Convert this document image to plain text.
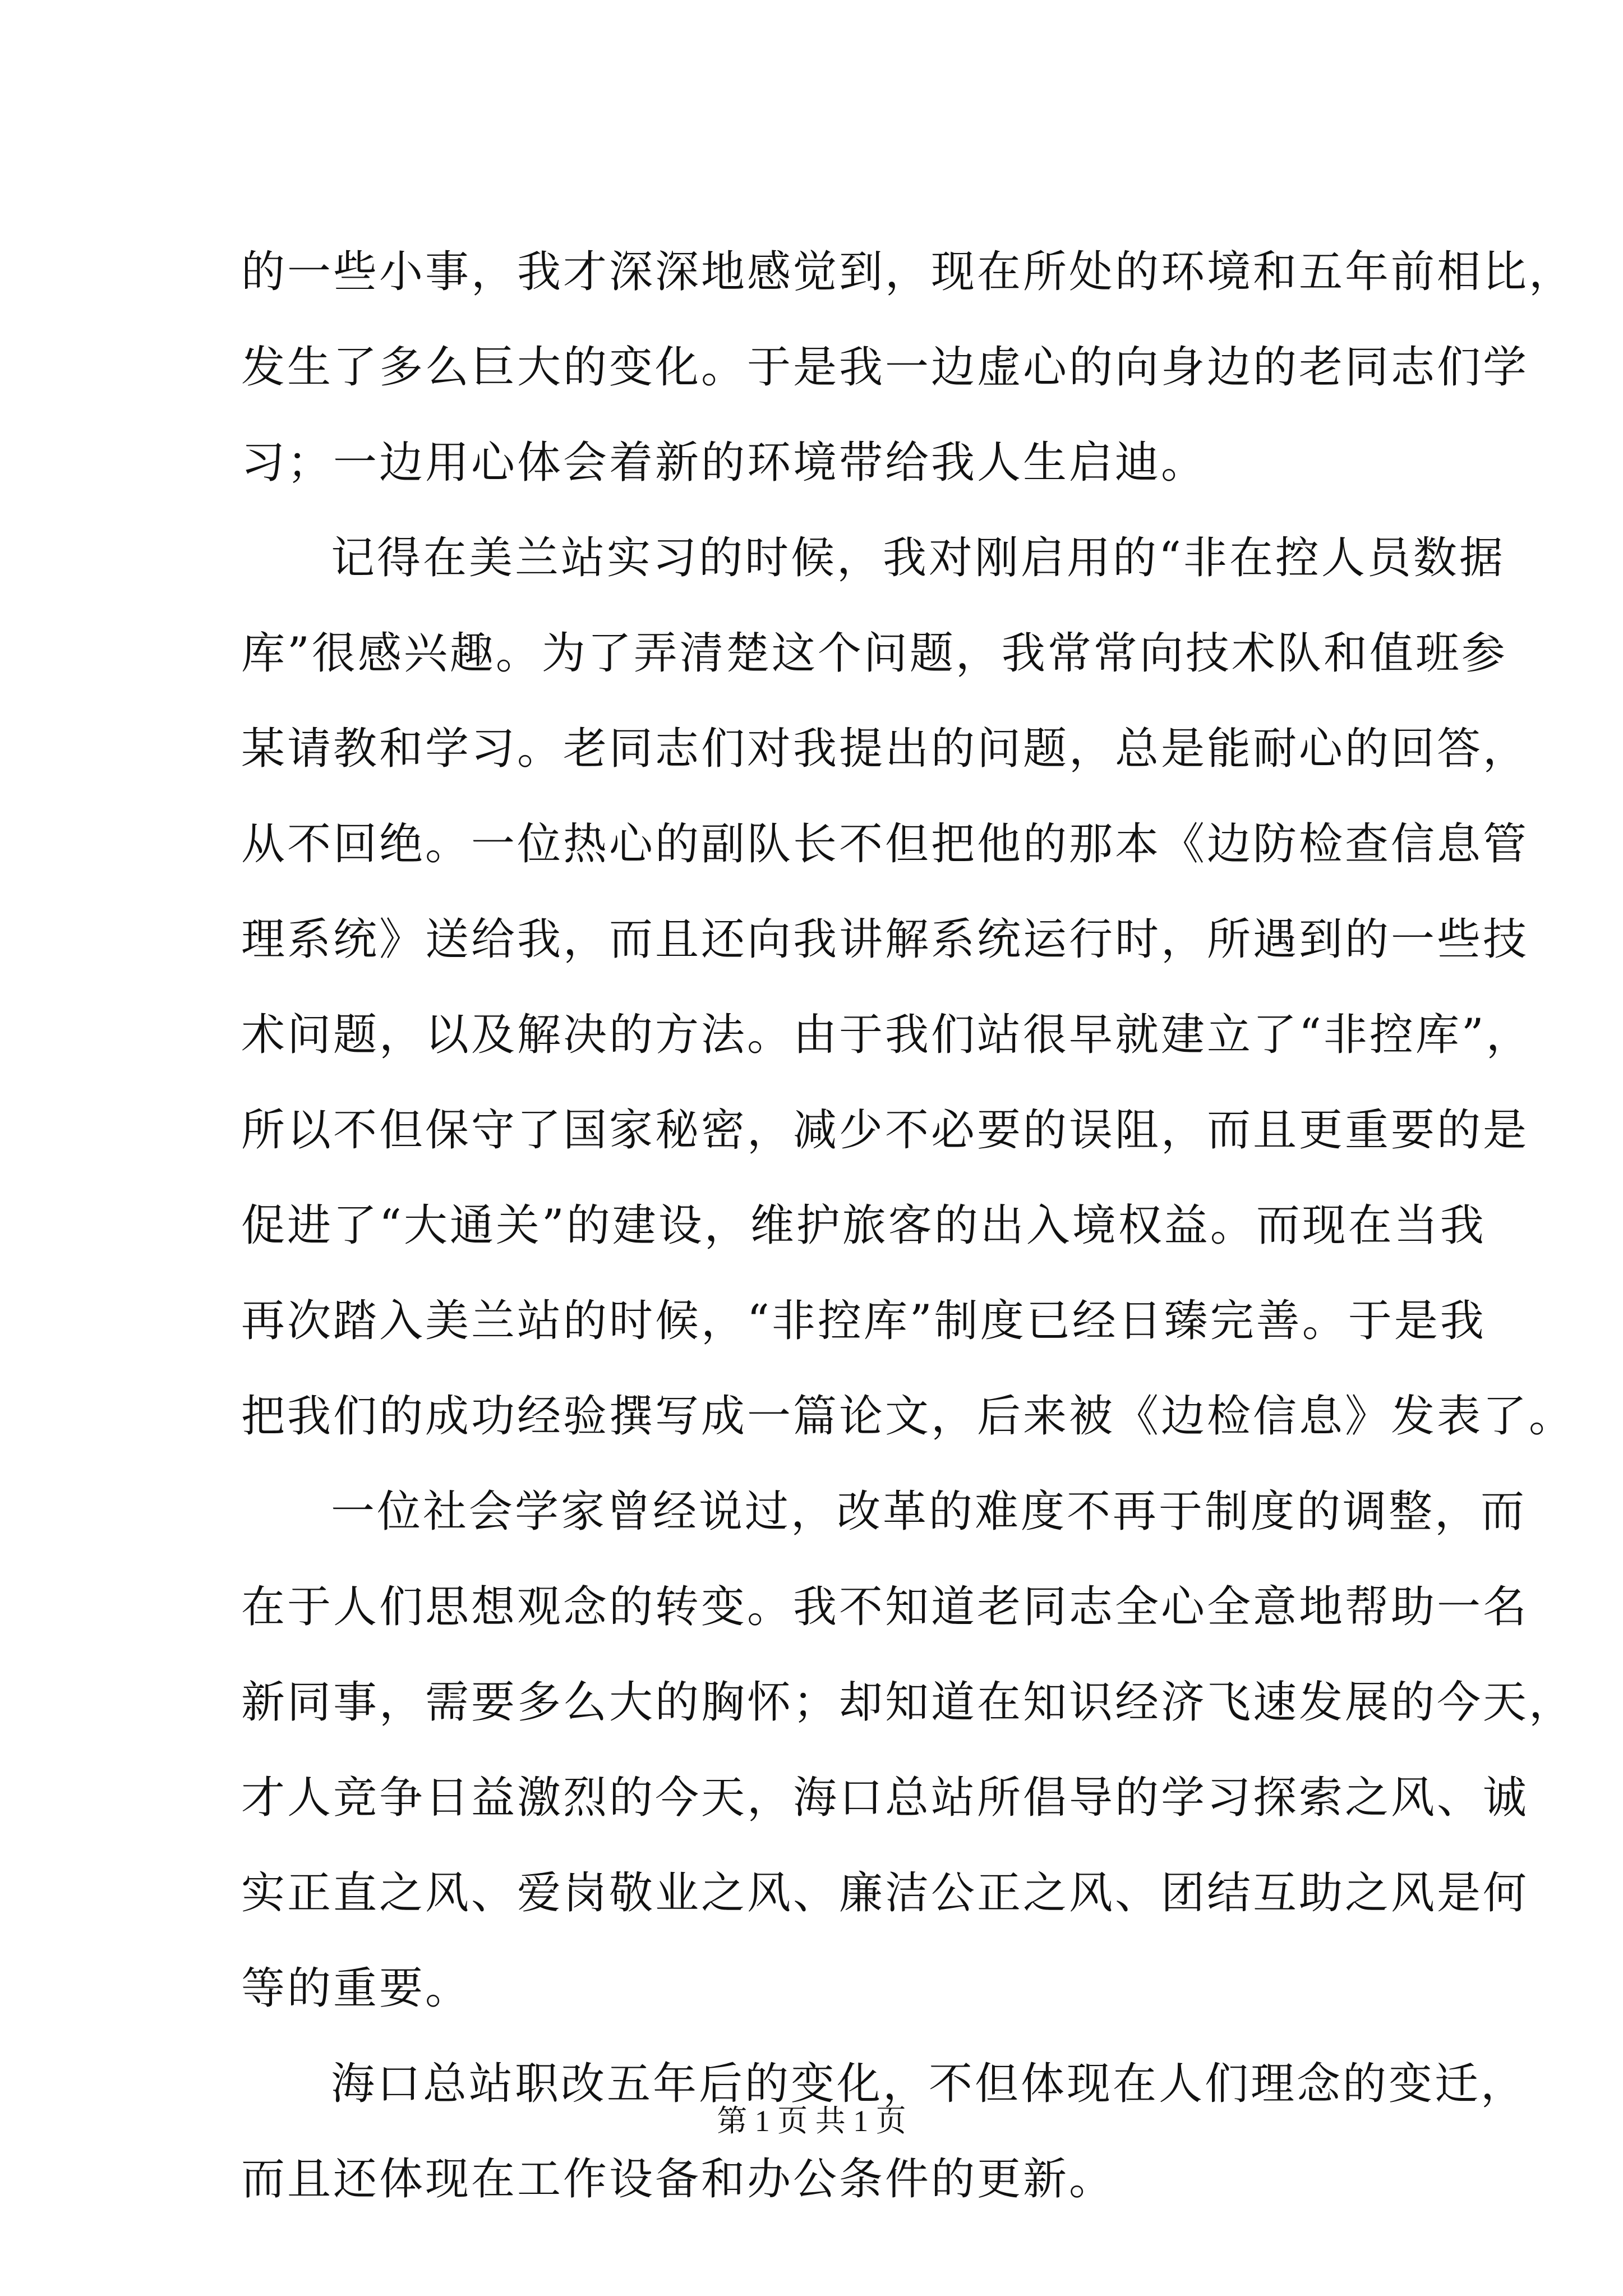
的一些小事，我才深深地感觉到，现在所处的环境和五年前相比，
发生了多么巨大的变化。于是我一边虚心的向身边的老同志们学
习；一边用心体会着新的环境带给我人生启迪。
记得在美兰站实习的时候，我对刚启用的“非在控人员数据
库”很感兴趣。为了弄清楚这个问题，我常常向技术队和值班参
某请教和学习。老同志们对我提出的问题，总是能耐心的回答，
从不回绝。一位热心的副队长不但把他的那本《边防检查信息管
理系统》送给我，而且还向我讲解系统运行时，所遇到的一些技
术问题，以及解决的方法。由于我们站很早就建立了“非控库”，
所以不但保守了国家秘密，减少不必要的误阻，而且更重要的是
促进了“大通关”的建设，维护旅客的出入境权益。而现在当我
再次踏入美兰站的时候，“非控库”制度已经日臻完善。于是我
把我们的成功经验撰写成一篇论文，后来被《边检信息》发表了。
一位社会学家曾经说过，改革的难度不再于制度的调整，而
在于人们思想观念的转变。我不知道老同志全心全意地帮助一名
新同事，需要多么大的胸怀；却知道在知识经济飞速发展的今天，
才人竞争日益激烈的今天，海口总站所倡导的学习探索之风、诚
实正直之风、爱岗敬业之风、廉洁公正之风、团结互助之风是何
等的重要。
海口总站职改五年后的变化，不但体现在人们理念的变迁，
而且还体现在工作设备和办公条件的更新。
第 1 页 共 1 页
